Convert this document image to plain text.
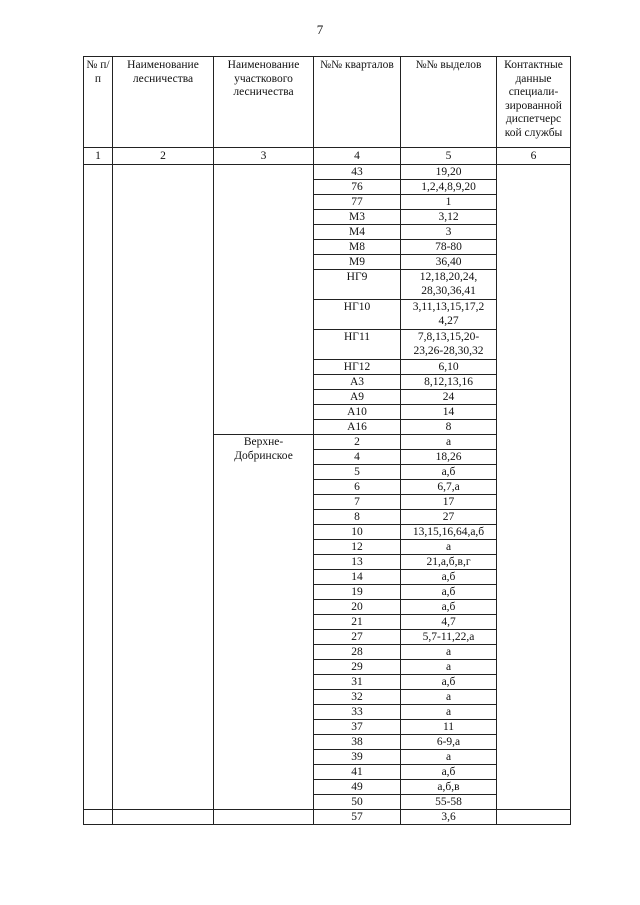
7
№ п/п	Наименование лесничества	Наименование участкового лесничества	№№ кварталов	№№ выделов	Контактные данные специали-зированной диспетчерс кой службы
1	2	3	4	5	6
			43	19,20	
			76	1,2,4,8,9,20	
			77	1	
			М3	3,12	
			М4	3	
			М8	78-80	
			М9	36,40	
			НГ9	12,18,20,24, 28,30,36,41	
			НГ10	3,11,13,15,17,2 4,27	
			НГ11	7,8,13,15,20- 23,26-28,30,32	
			НГ12	6,10	
			А3	8,12,13,16	
			А9	24	
			А10	14	
			А16	8	
		Верхне- Добринское	2	а	
			4	18,26	
			5	а,б	
			6	6,7,а	
			7	17	
			8	27	
			10	13,15,16,64,а,б	
			12	а	
			13	21,а,б,в,г	
			14	а,б	
			19	а,б	
			20	а,б	
			21	4,7	
			27	5,7-11,22,а	
			28	а	
			29	а	
			31	а,б	
			32	а	
			33	а	
			37	11	
			38	6-9,а	
			39	а	
			41	а,б	
			49	а,б,в	
			50	55-58	
			57	3,6	
